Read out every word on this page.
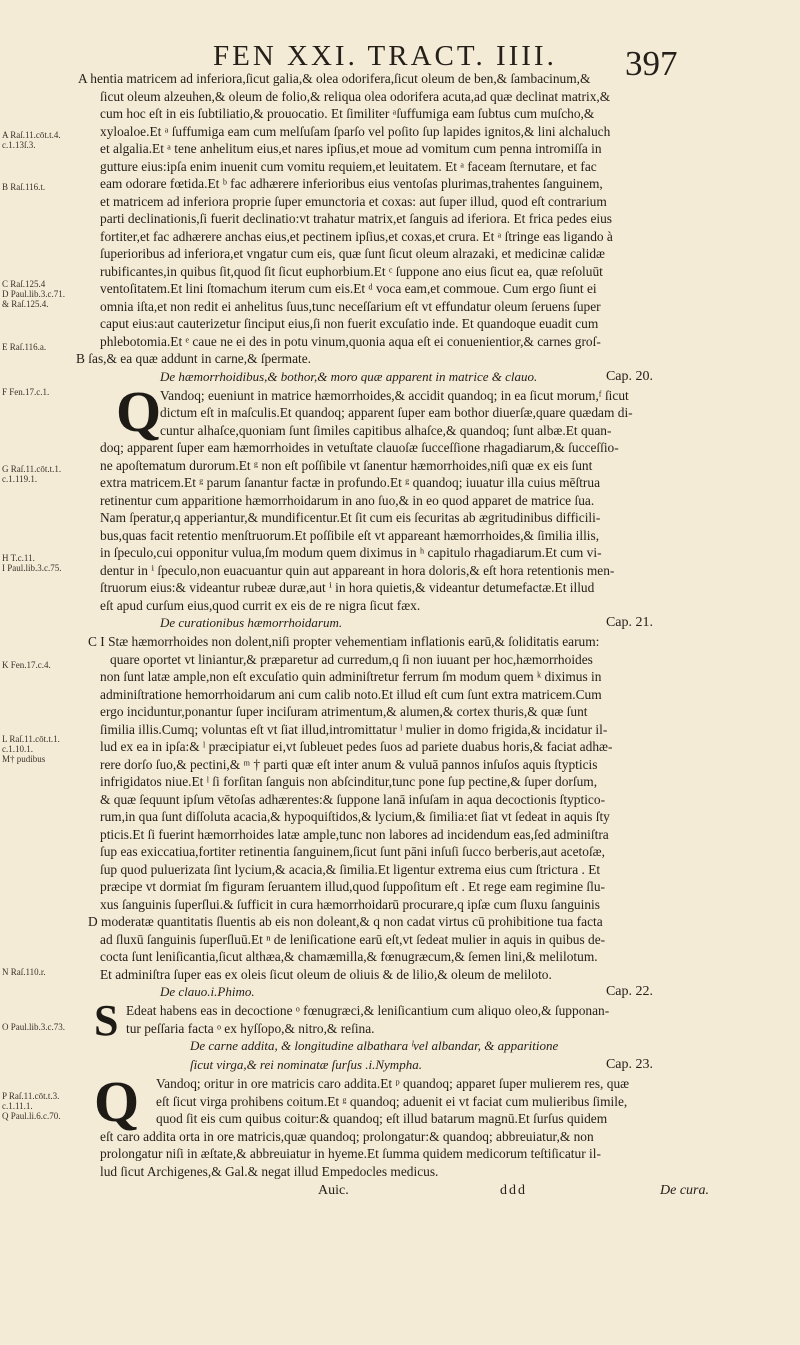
FEN XXI. TRACT. IIII.	397
A Raſ.11.cōt.t.4.
c.1.13ſ.3.
B Raſ.116.t.
C Raſ.125.4
D Paul.lib.3.c.71.
& Raſ.125.4.
E Raſ.116.a.
F Fen.17.c.1.
G Raſ.11.cōt.t.1.
c.1.119.1.
H T.c.11.
I Paul.lib.3.c.75.
K Fen.17.c.4.
L Raſ.11.cōt.t.1.
c.1.10.1.
M† pudibus
N Raſ.110.r.
O Paul.lib.3.c.73.
P Raſ.11.cōt.t.3.
c.1.11.1.
Q Paul.li.6.c.70.
A hentia matricem ad inferiora,ſicut galia,& olea odorifera,ſicut oleum de ben,& ſambacinum,&
ſicut oleum alzeuhen,& oleum de folio,& reliqua olea odorifera acuta,ad quæ declinat matrix,&
cum hoc eſt in eis ſubtiliatio,& prouocatio. Et ſimiliter ᵃſuffumiga eam ſubtus cum muſcho,&
xyloaloe.Et ᵃ ſuffumiga eam cum melſuſam ſparſo vel poſito ſup lapides ignitos,& lini alchaluch
et algalia.Et ᵃ tene anhelitum eius,et nares ipſius,et moue ad vomitum cum penna intromiſſa in
gutture eius:ipſa enim inuenit cum vomitu requiem,et leuitatem. Et ᵃ faceam ſternutare, et fac
eam odorare fœtida.Et ᵇ fac adhærere inferioribus eius ventoſas plurimas,trahentes ſanguinem,
et matricem ad inferiora proprie ſuper emunctoria et coxas: aut ſuper illud, quod eſt contrarium
parti declinationis,ſi fuerit declinatio:vt trahatur matrix,et ſanguis ad iferiora. Et frica pedes eius
fortiter,et fac adhærere anchas eius,et pectinem ipſius,et coxas,et crura. Et ᵃ ſtringe eas ligando à
ſuperioribus ad inferiora,et vngatur cum eis, quæ ſunt ſicut oleum alrazaki, et medicinæ calidæ
rubificantes,in quibus ſit,quod ſit ſicut euphorbium.Et ᶜ ſuppone ano eius ſicut ea, quæ reſoluūt
ventoſitatem.Et lini ſtomachum iterum cum eis.Et ᵈ voca eam,et commoue. Cum ergo ſiunt ei
omnia iſta,et non redit ei anhelitus ſuus,tunc neceſſarium eſt vt effundatur oleum ſeruens ſuper
caput eius:aut cauterizetur ſinciput eius,ſi non fuerit excuſatio inde. Et quandoque euadit cum
phlebotomia.Et ᵉ caue ne ei des in potu vinum,quonia aqua eſt ei conuenientior,& carnes groſ-
B ſas,& ea quæ addunt in carne,& ſpermate.
De hæmorrhoidibus,& bothor,& moro quæ apparent in matrice & clauo.	Cap. 20.
Q
Vandoq; eueniunt in matrice hæmorrhoides,& accidit quandoq; in ea ſicut morum,ᶠ ſicut
dictum eſt in maſculis.Et quandoq; apparent ſuper eam bothor diuerſæ,quare quædam di-
cuntur alhaſce,quoniam ſunt ſimiles capitibus alhaſce,& quandoq; ſunt albæ.Et quan-
doq; apparent ſuper eam hæmorrhoides in vetuſtate clauoſæ ſucceſſione rhagadiarum,& ſucceſſio-
ne apoſtematum durorum.Et ᵍ non eſt poſſibile vt ſanentur hæmorrhoides,niſi quæ ex eis ſunt
extra matricem.Et ᵍ parum ſanantur factæ in profundo.Et ᵍ quandoq; iuuatur illa cuius mēſtrua
retinentur cum apparitione hæmorrhoidarum in ano ſuo,& in eo quod apparet de matrice ſua.
Nam ſperatur,q apperiantur,& mundificentur.Et ſit cum eis ſecuritas ab ægritudinibus difficili-
bus,quas facit retentio menſtruorum.Et poſſibile eſt vt appareant hæmorrhoides,& ſimilia illis,
in ſpeculo,cui opponitur vulua,ſm modum quem diximus in ʰ capitulo rhagadiarum.Et cum vi-
dentur in ⁱ ſpeculo,non euacuantur quin aut appareant in hora doloris,& eſt hora retentionis men-
ſtruorum eius:& videantur rubeæ duræ,aut ⁱ in hora quietis,& videantur detumefactæ.Et illud
eſt apud curſum eius,quod currit ex eis de re nigra ſicut fæx.
De curationibus hæmorrhoidarum.	Cap. 21.
C I Stæ hæmorrhoides non dolent,niſi propter vehementiam inflationis earū,& ſoliditatis earum:
quare oportet vt liniantur,& præparetur ad curredum,q ſi non iuuant per hoc,hæmorrhoides
non ſunt latæ ample,non eſt excuſatio quin adminiſtretur ferrum ſm modum quem ᵏ diximus in
adminiſtratione hemorrhoidarum ani cum calib noto.Et illud eſt cum ſunt extra matricem.Cum
ergo inciduntur,ponantur ſuper inciſuram atrimentum,& alumen,& cortex thuris,& quæ ſunt
ſimilia illis.Cumq; voluntas eſt vt ſiat illud,intromittatur ˡ mulier in domo frigida,& incidatur il-
lud ex ea in ipſa:& ˡ præcipiatur ei,vt ſubleuet pedes ſuos ad pariete duabus horis,& faciat adhæ-
rere dorſo ſuo,& pectini,& ᵐ † parti quæ eſt inter anum & vuluā pannos inſuſos aquis ſtypticis
infrigidatos niue.Et ˡ ſi forſitan ſanguis non abſcinditur,tunc pone ſup pectine,& ſuper dorſum,
& quæ ſequunt ipſum vētoſas adhærentes:& ſuppone lanā inſuſam in aqua decoctionis ſtyptico-
rum,in qua ſunt diſſoluta acacia,& hypoquiſtidos,& lycium,& ſimilia:et ſiat vt ſedeat in aquis ſty
pticis.Et ſi fuerint hæmorrhoides latæ ample,tunc non labores ad incidendum eas,ſed adminiſtra
ſup eas exiccatiua,fortiter retinentia ſanguinem,ſicut ſunt pāni inſuſi ſucco berberis,aut acetoſæ,
ſup quod puluerizata ſint lycium,& acacia,& ſimilia.Et ligentur extrema eius cum ſtrictura . Et
præcipe vt dormiat ſm figuram ſeruantem illud,quod ſuppoſitum eſt . Et rege eam regimine ſlu-
xus ſanguinis ſuperſlui.& ſufficit in cura hæmorrhoidarū procurare,q ipſæ cum ſluxu ſanguinis
D moderatæ quantitatis ſluentis ab eis non doleant,& q non cadat virtus cū prohibitione tua facta
ad ſluxū ſanguinis ſuperſluū.Et ⁿ de leniſicatione earū eſt,vt ſedeat mulier in aquis in quibus de-
cocta ſunt leniſicantia,ſicut althæa,& chamæmilla,& fœnugræcum,& ſemen lini,& melilotum.
Et adminiſtra ſuper eas ex oleis ſicut oleum de oliuis & de lilio,& oleum de meliloto.
De clauo.i.Phimo.	Cap. 22.
S Edeat habens eas in decoctione ᵒ fœnugræci,& leniſicantium cum aliquo oleo,& ſupponan-
tur peſſaria facta ᵒ ex hyſſopo,& nitro,& reſina.
De carne addita, & longitudine albathara ˡvel albandar, & apparitione
ſicut virga,& rei nominatæ ſurſus .i.Nympha.	Cap. 23.
Q	Vandoq; oritur in ore matricis caro addita.Et ᵖ quandoq; apparet ſuper mulierem res, quæ
eſt ſicut virga prohibens coitum.Et ᵍ quandoq; aduenit ei vt faciat cum mulieribus ſimile,
quod ſit eis cum quibus coitur:& quandoq; eſt illud batarum magnū.Et ſurſus quidem
eſt caro addita orta in ore matricis,quæ quandoq; prolongatur:& quandoq; abbreuiatur,& non
prolongatur niſi in æſtate,& abbreuiatur in hyeme.Et ſumma quidem medicorum teſtiſicatur il-
lud ſicut Archigenes,& Gal.& negat illud Empedocles medicus.
Auic.	ddd	De cura.
